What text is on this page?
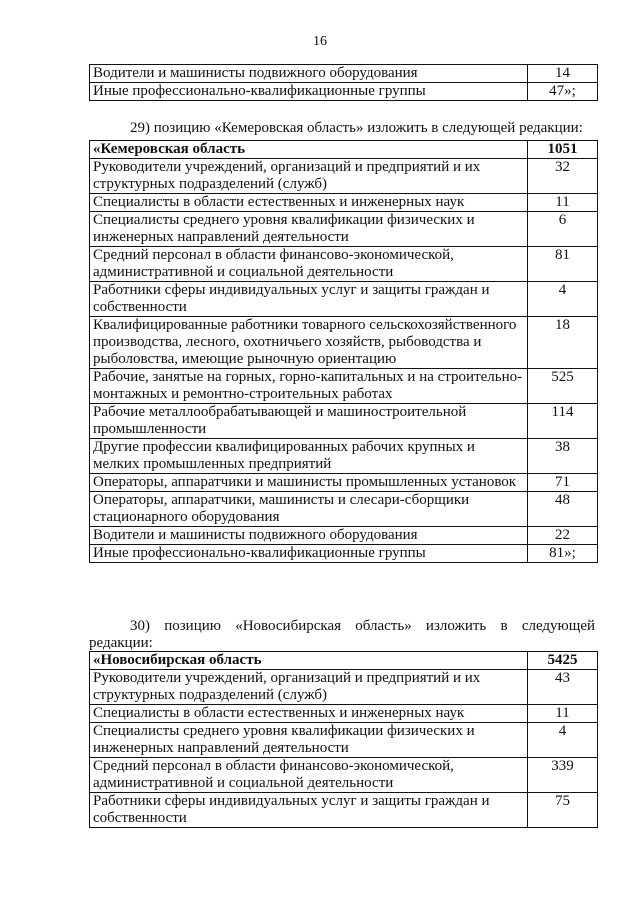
16
Водители и машинисты подвижного оборудования	14
Иные профессионально-квалификационные группы	47»;
29) позицию «Кемеровская область» изложить в следующей редакции:
«Кемеровская область	1051
Руководители учреждений, организаций и предприятий и их структурных подразделений (служб)	32
Специалисты в области естественных и инженерных наук	11
Специалисты среднего уровня квалификации физических и инженерных направлений деятельности	6
Средний персонал в области финансово-экономической, административной и социальной деятельности	81
Работники сферы индивидуальных услуг и защиты граждан и собственности	4
Квалифицированные работники товарного сельскохозяйственного производства, лесного, охотничьего хозяйств, рыбоводства и рыболовства, имеющие рыночную ориентацию	18
Рабочие, занятые на горных, горно-капитальных и на строительно-монтажных и ремонтно-строительных работах	525
Рабочие металлообрабатывающей и машиностроительной промышленности	114
Другие профессии квалифицированных рабочих крупных и мелких промышленных предприятий	38
Операторы, аппаратчики и машинисты промышленных установок	71
Операторы, аппаратчики, машинисты и слесари-сборщики стационарного оборудования	48
Водители и машинисты подвижного оборудования	22
Иные профессионально-квалификационные группы	81»;
30) позицию «Новосибирская область» изложить в следующей редакции:
«Новосибирская область	5425
Руководители учреждений, организаций и предприятий и их структурных подразделений (служб)	43
Специалисты в области естественных и инженерных наук	11
Специалисты среднего уровня квалификации физических и инженерных направлений деятельности	4
Средний персонал в области финансово-экономической, административной и социальной деятельности	339
Работники сферы индивидуальных услуг и защиты граждан и собственности	75
